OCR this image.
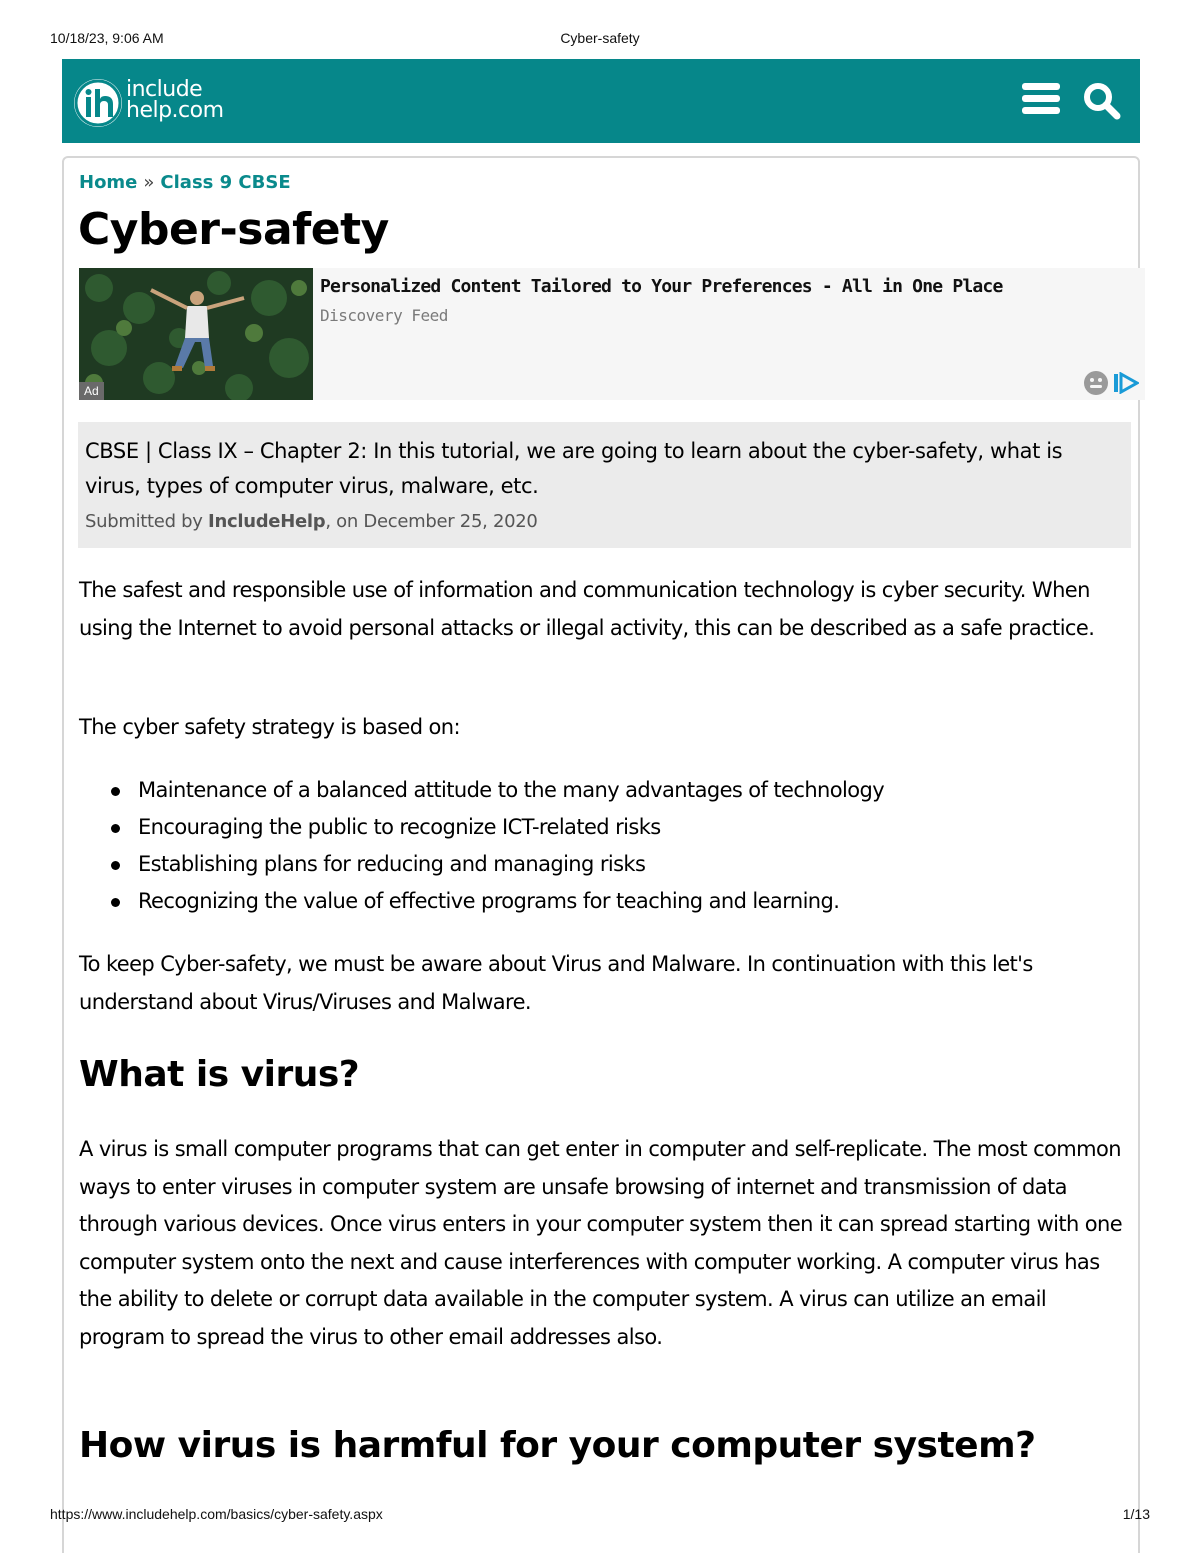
10/18/23, 9:06 AM	Cyber-safety
include
help.com
Home » Class 9 CBSE
Cyber-safety
Ad
Personalized Content Tailored to Your Preferences - All in One Place
Discovery Feed
CBSE | Class IX – Chapter 2: In this tutorial, we are going to learn about the cyber-safety, what is virus, types of computer virus, malware, etc.
Submitted by IncludeHelp, on December 25, 2020

The safest and responsible use of information and communication technology is cyber security. When using the Internet to avoid personal attacks or illegal activity, this can be described as a safe practice.

The cyber safety strategy is based on:

Maintenance of a balanced attitude to the many advantages of technology
Encouraging the public to recognize ICT-related risks
Establishing plans for reducing and managing risks
Recognizing the value of effective programs for teaching and learning.

To keep Cyber-safety, we must be aware about Virus and Malware. In continuation with this let's understand about Virus/Viruses and Malware.

What is virus?

A virus is small computer programs that can get enter in computer and self-replicate. The most common ways to enter viruses in computer system are unsafe browsing of internet and transmission of data through various devices. Once virus enters in your computer system then it can spread starting with one computer system onto the next and cause interferences with computer working. A computer virus has the ability to delete or corrupt data available in the computer system. A virus can utilize an email program to spread the virus to other email addresses also.

How virus is harmful for your computer system?
https://www.includehelp.com/basics/cyber-safety.aspx	1/13
